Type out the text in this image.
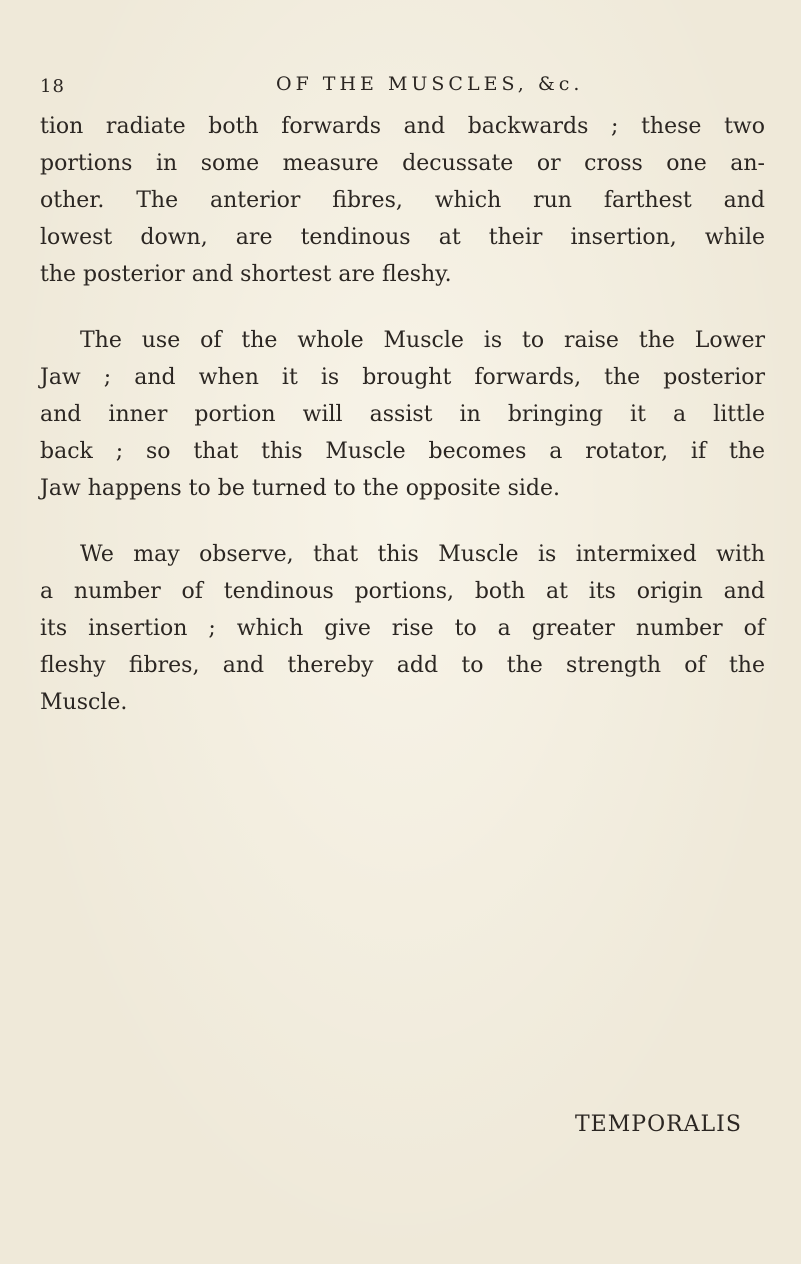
18	OF THE MUSCLES, &c.

tion radiate both forwards and backwards ; these two
portions in some measure decussate or cross one an-
other. The anterior fibres, which run farthest and
lowest down, are tendinous at their insertion, while
the posterior and shortest are fleshy.

The use of the whole Muscle is to raise the Lower
Jaw ; and when it is brought forwards, the posterior
and inner portion will assist in bringing it a little
back ; so that this Muscle becomes a rotator, if the
Jaw happens to be turned to the opposite side.

We may observe, that this Muscle is intermixed with
a number of tendinous portions, both at its origin and
its insertion ; which give rise to a greater number of
fleshy fibres, and thereby add to the strength of the
Muscle.

TEMPORALIS
